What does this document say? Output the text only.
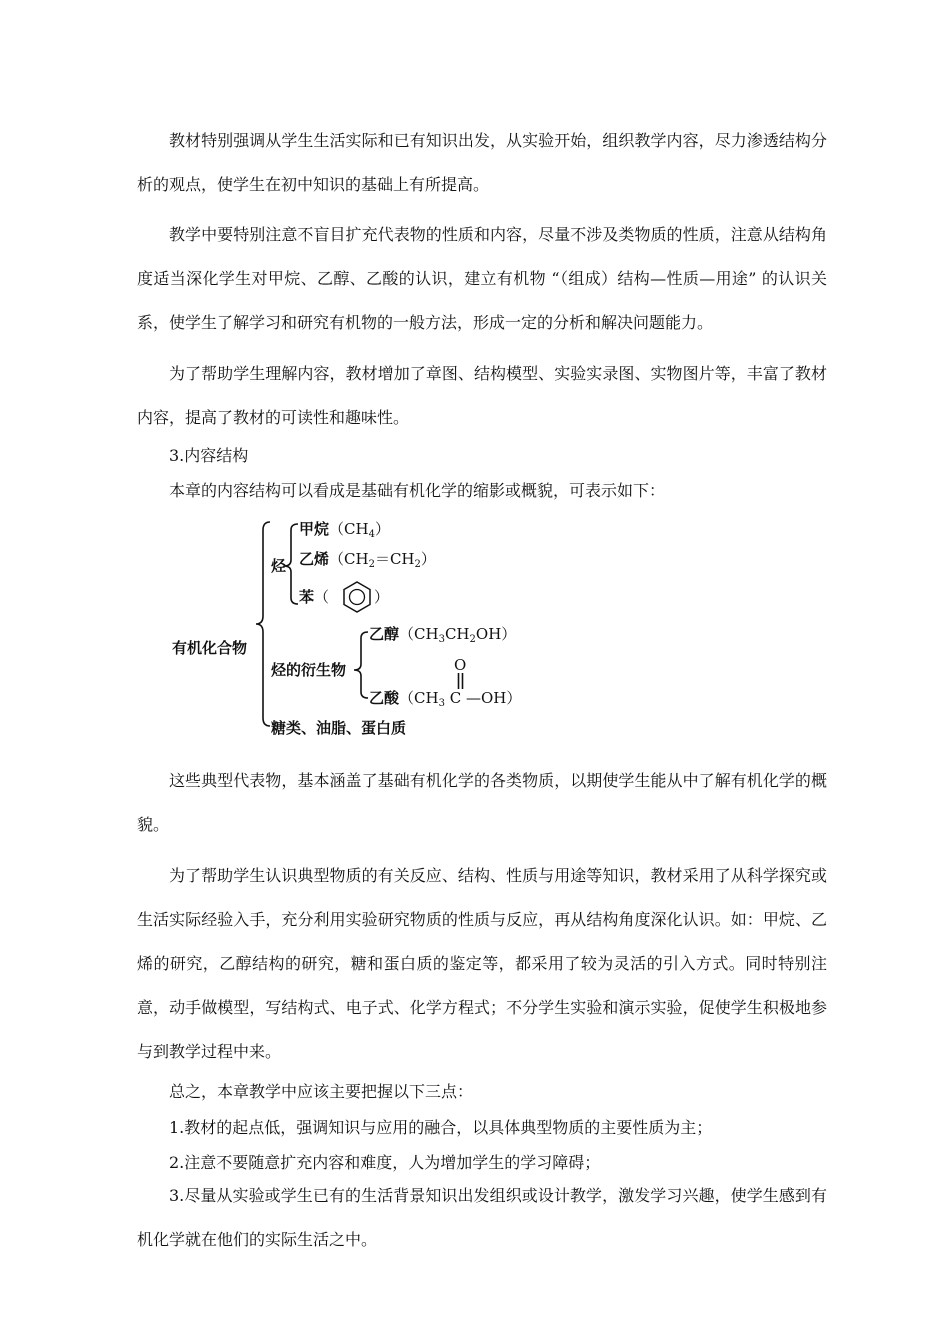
教材特别强调从学生生活实际和已有知识出发，从实验开始，组织教学内容，尽力渗透结构分析的观点，使学生在初中知识的基础上有所提高。

教学中要特别注意不盲目扩充代表物的性质和内容，尽量不涉及类物质的性质，注意从结构角度适当深化学生对甲烷、乙醇、乙酸的认识，建立有机物 “（组成）结构—性质—用途” 的认识关系，使学生了解学习和研究有机物的一般方法，形成一定的分析和解决问题能力。

为了帮助学生理解内容，教材增加了章图、结构模型、实验实录图、实物图片等，丰富了教材内容，提高了教材的可读性和趣味性。

3.内容结构
本章的内容结构可以看成是基础有机化学的缩影或概貌，可表示如下：
有机化合物
烃
甲烷$(CH_4)$
乙烯$(CH_2=CH_2)$
苯（	）
烃的衍生物
乙醇$(CH_3CH_2OH)$
O
乙酸（$CH_3$ C —OH）
糖类、油脂、蛋白质

这些典型代表物，基本涵盖了基础有机化学的各类物质，以期使学生能从中了解有机化学的概貌。

为了帮助学生认识典型物质的有关反应、结构、性质与用途等知识，教材采用了从科学探究或生活实际经验入手，充分利用实验研究物质的性质与反应，再从结构角度深化认识。如：甲烷、乙烯的研究，乙醇结构的研究，糖和蛋白质的鉴定等，都采用了较为灵活的引入方式。同时特别注意，动手做模型，写结构式、电子式、化学方程式；不分学生实验和演示实验，促使学生积极地参与到教学过程中来。

总之，本章教学中应该主要把握以下三点：
1.教材的起点低，强调知识与应用的融合，以具体典型物质的主要性质为主；
2.注意不要随意扩充内容和难度，人为增加学生的学习障碍；

3.尽量从实验或学生已有的生活背景知识出发组织或设计教学，激发学习兴趣，使学生感到有机化学就在他们的实际生活之中。
